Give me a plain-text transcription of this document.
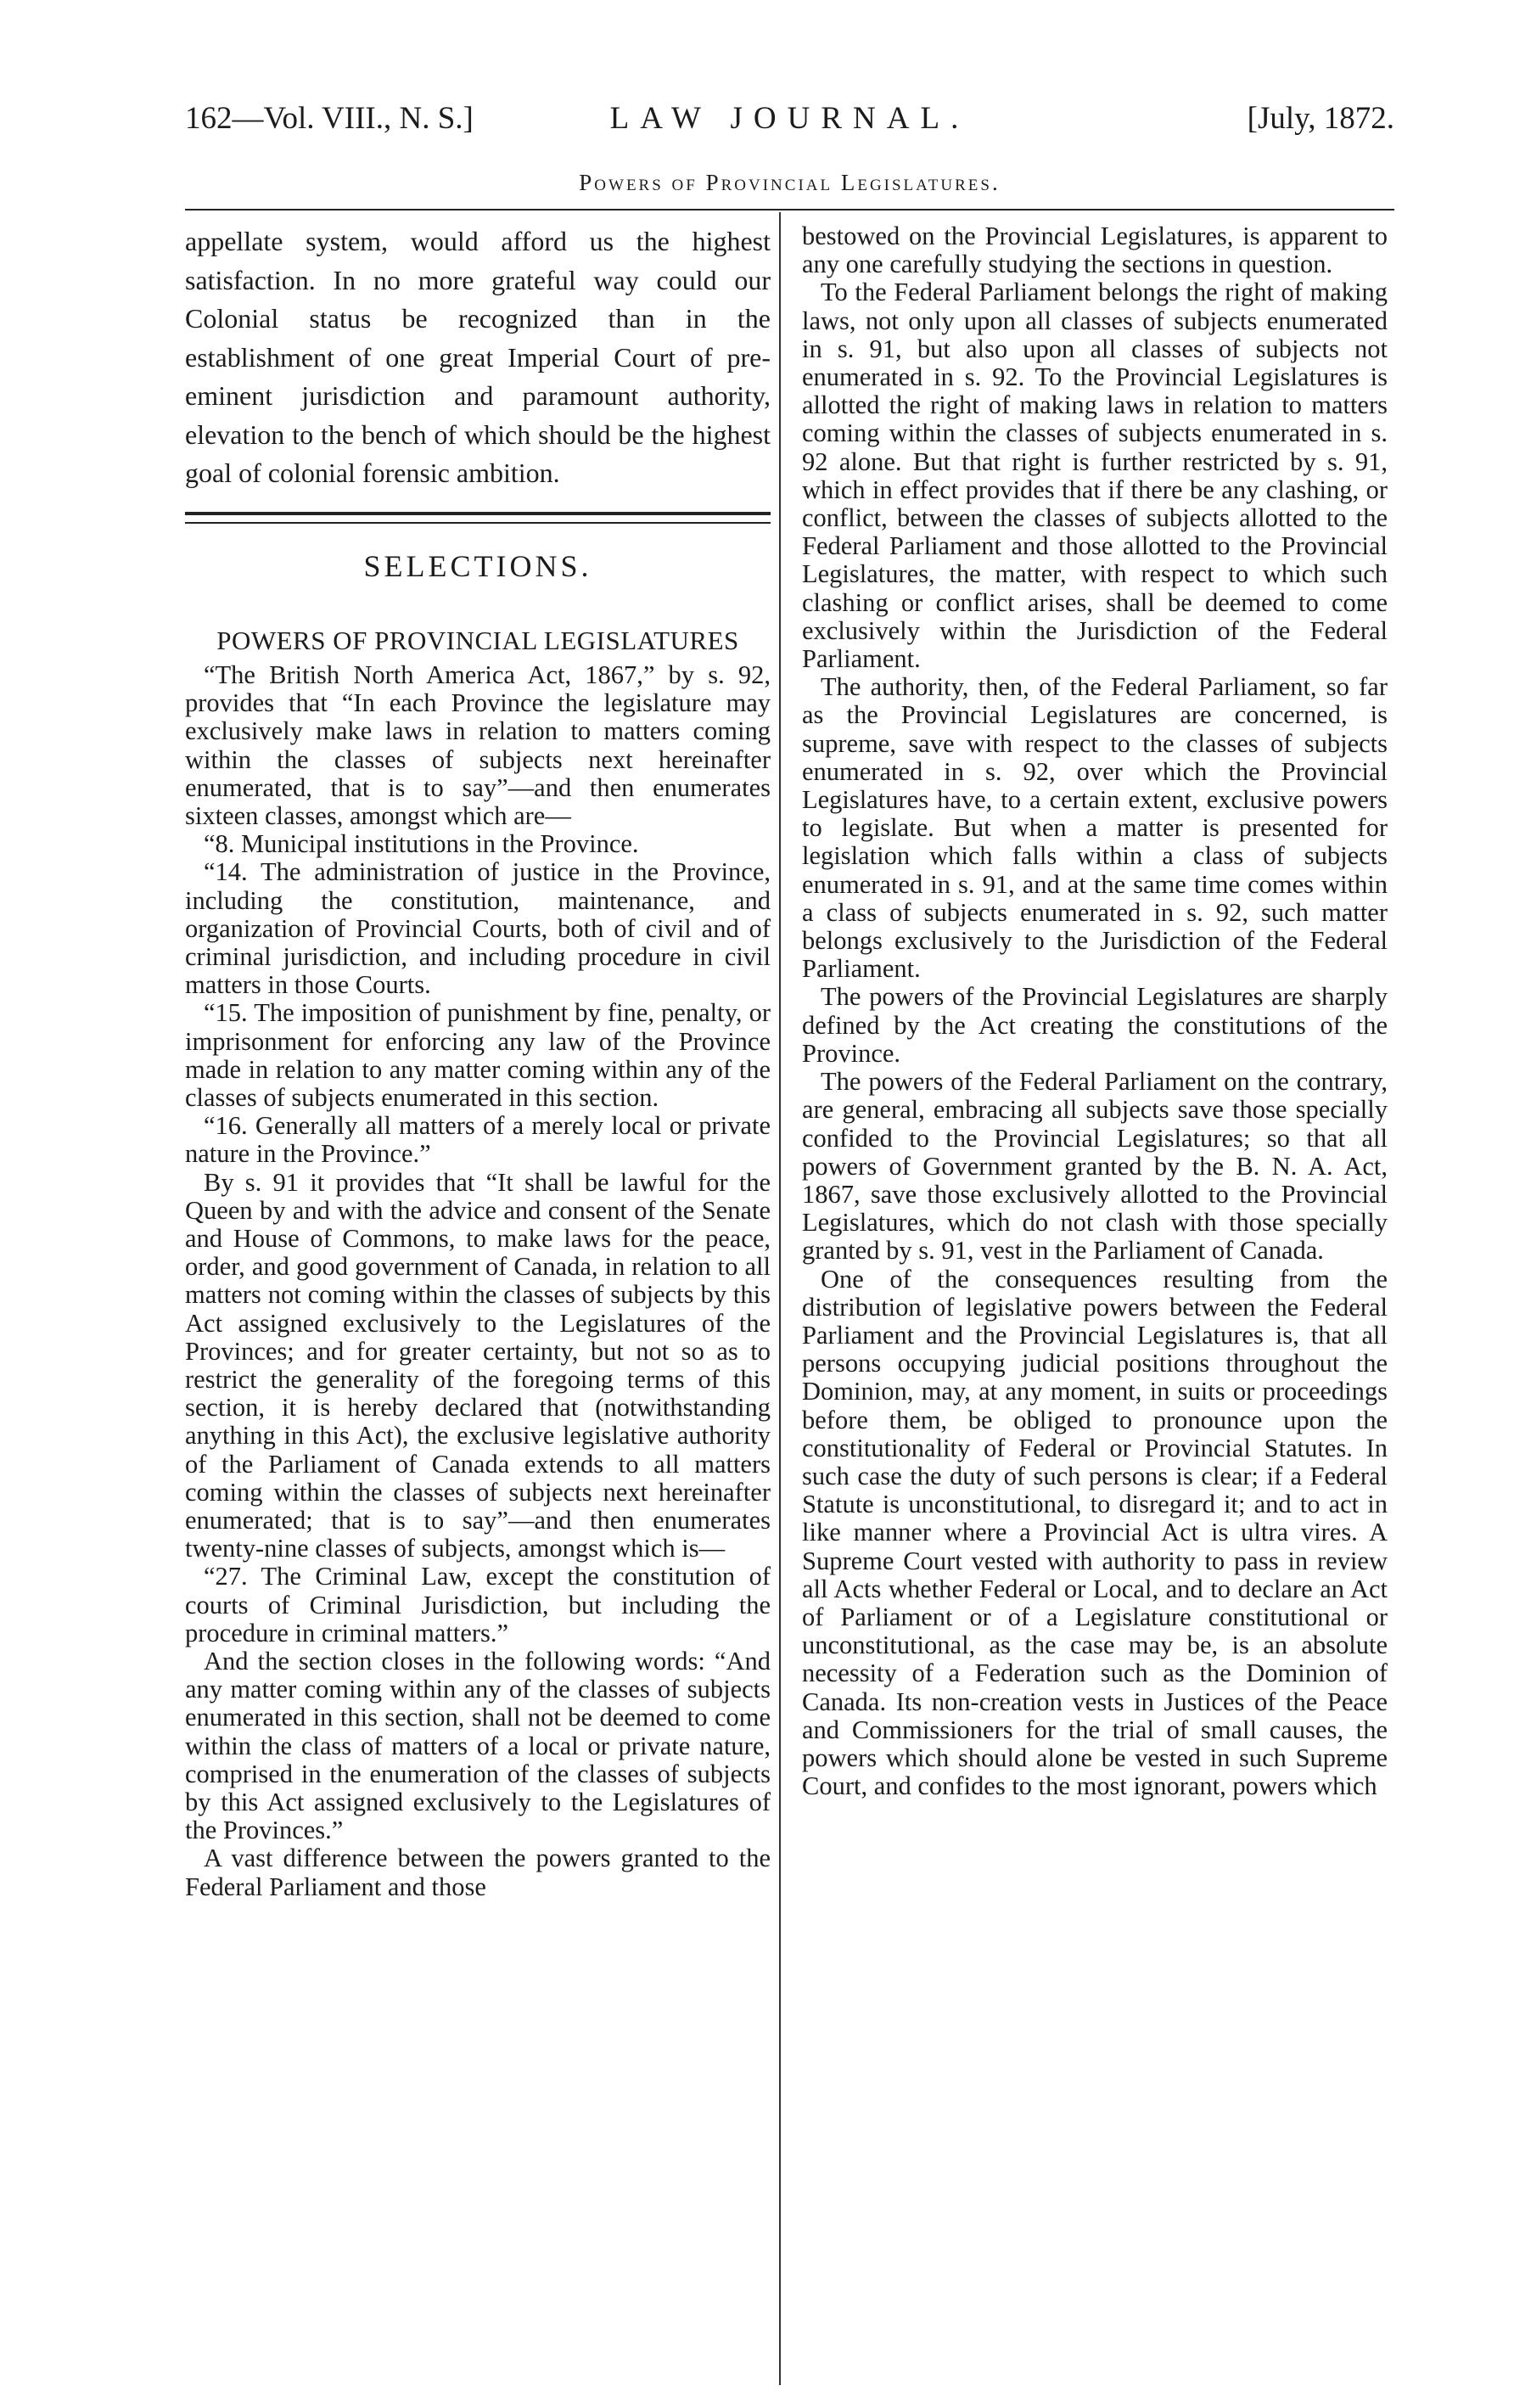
162—Vol. VIII., N. S.]	LAW JOURNAL.	[July, 1872.
Powers of Provincial Legislatures.

appellate system, would afford us the highest satisfaction. In no more grateful way could our Colonial status be recognized than in the establishment of one great Imperial Court of pre-eminent jurisdiction and paramount authority, elevation to the bench of which should be the highest goal of colonial forensic ambition.

SELECTIONS.
POWERS OF PROVINCIAL LEGISLATURES

“The British North America Act, 1867,” by s. 92, provides that “In each Province the legislature may exclusively make laws in relation to matters coming within the classes of subjects next hereinafter enumerated, that is to say”—and then enumerates sixteen classes, amongst which are—

“8. Municipal institutions in the Province.

“14. The administration of justice in the Province, including the constitution, maintenance, and organization of Provincial Courts, both of civil and of criminal jurisdiction, and including procedure in civil matters in those Courts.

“15. The imposition of punishment by fine, penalty, or imprisonment for enforcing any law of the Province made in relation to any matter coming within any of the classes of subjects enumerated in this section.

“16. Generally all matters of a merely local or private nature in the Province.”

By s. 91 it provides that “It shall be lawful for the Queen by and with the advice and consent of the Senate and House of Commons, to make laws for the peace, order, and good government of Canada, in relation to all matters not coming within the classes of subjects by this Act assigned exclusively to the Legislatures of the Provinces; and for greater certainty, but not so as to restrict the generality of the foregoing terms of this section, it is hereby declared that (notwithstanding anything in this Act), the exclusive legislative authority of the Parliament of Canada extends to all matters coming within the classes of subjects next hereinafter enumerated; that is to say”—and then enumerates twenty-nine classes of subjects, amongst which is—

“27. The Criminal Law, except the constitution of courts of Criminal Jurisdiction, but including the procedure in criminal matters.”

And the section closes in the following words: “And any matter coming within any of the classes of subjects enumerated in this section, shall not be deemed to come within the class of matters of a local or private nature, comprised in the enumeration of the classes of subjects by this Act assigned exclusively to the Legislatures of the Provinces.”

A vast difference between the powers granted to the Federal Parliament and those

bestowed on the Provincial Legislatures, is apparent to any one carefully studying the sections in question.

To the Federal Parliament belongs the right of making laws, not only upon all classes of subjects enumerated in s. 91, but also upon all classes of subjects not enumerated in s. 92. To the Provincial Legislatures is allotted the right of making laws in relation to matters coming within the classes of subjects enumerated in s. 92 alone. But that right is further restricted by s. 91, which in effect provides that if there be any clashing, or conflict, between the classes of subjects allotted to the Federal Parliament and those allotted to the Provincial Legislatures, the matter, with respect to which such clashing or conflict arises, shall be deemed to come exclusively within the Jurisdiction of the Federal Parliament.

The authority, then, of the Federal Parliament, so far as the Provincial Legislatures are concerned, is supreme, save with respect to the classes of subjects enumerated in s. 92, over which the Provincial Legislatures have, to a certain extent, exclusive powers to legislate. But when a matter is presented for legislation which falls within a class of subjects enumerated in s. 91, and at the same time comes within a class of subjects enumerated in s. 92, such matter belongs exclusively to the Jurisdiction of the Federal Parliament.

The powers of the Provincial Legislatures are sharply defined by the Act creating the constitutions of the Province.

The powers of the Federal Parliament on the contrary, are general, embracing all subjects save those specially confided to the Provincial Legislatures; so that all powers of Government granted by the B. N. A. Act, 1867, save those exclusively allotted to the Provincial Legislatures, which do not clash with those specially granted by s. 91, vest in the Parliament of Canada.

One of the consequences resulting from the distribution of legislative powers between the Federal Parliament and the Provincial Legislatures is, that all persons occupying judicial positions throughout the Dominion, may, at any moment, in suits or proceedings before them, be obliged to pronounce upon the constitutionality of Federal or Provincial Statutes. In such case the duty of such persons is clear; if a Federal Statute is unconstitutional, to disregard it; and to act in like manner where a Provincial Act is ultra vires. A Supreme Court vested with authority to pass in review all Acts whether Federal or Local, and to declare an Act of Parliament or of a Legislature constitutional or unconstitutional, as the case may be, is an absolute necessity of a Federation such as the Dominion of Canada. Its non-creation vests in Justices of the Peace and Commissioners for the trial of small causes, the powers which should alone be vested in such Supreme Court, and confides to the most ignorant, powers which
